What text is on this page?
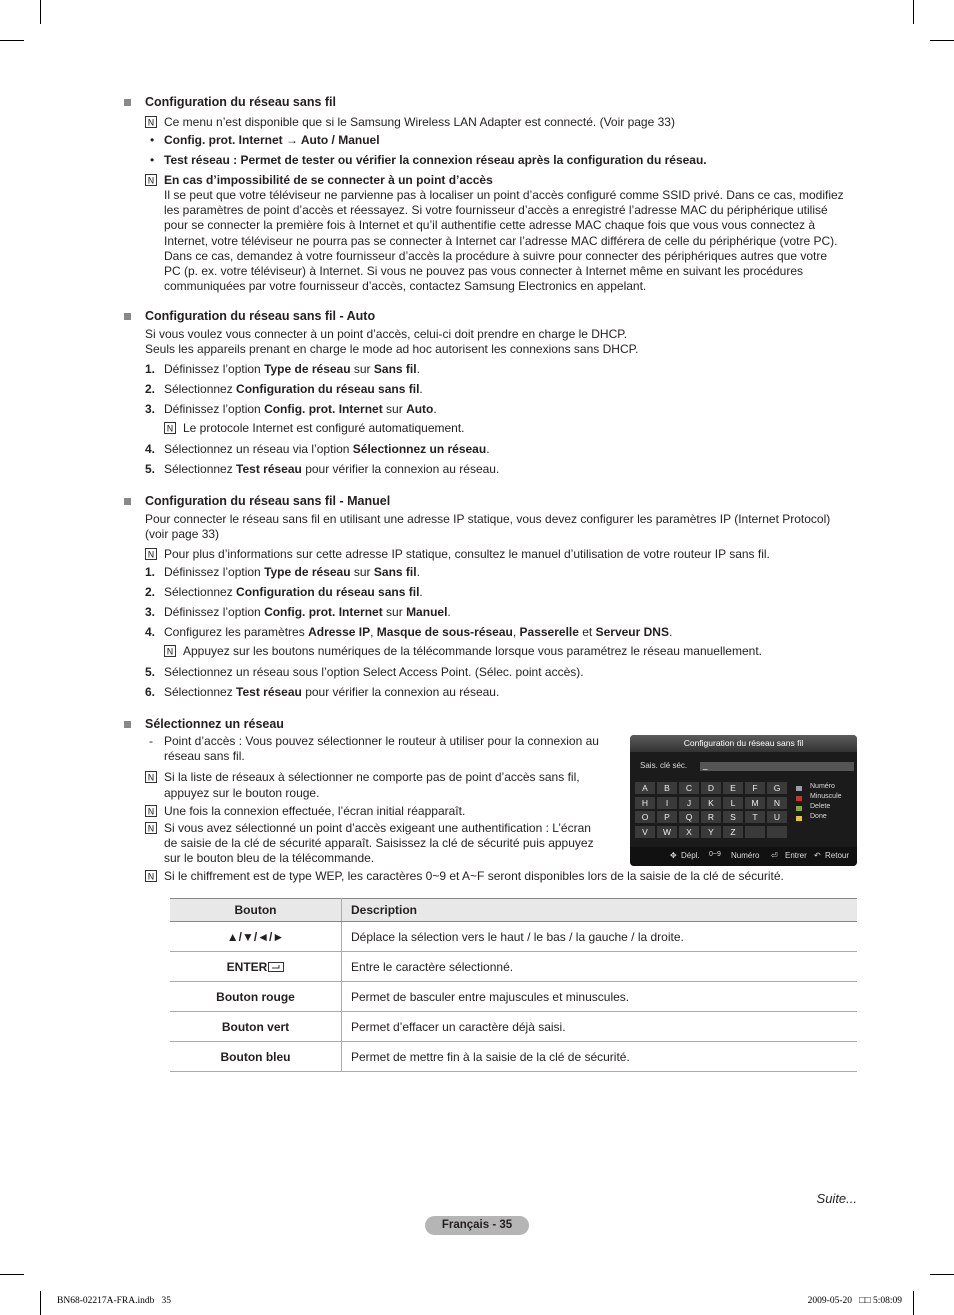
Configuration du réseau sans fil
N Ce menu n’est disponible que si le Samsung Wireless LAN Adapter est connecté. (Voir page 33)
• Config. prot. Internet → Auto / Manuel
• Test réseau : Permet de tester ou vérifier la connexion réseau après la configuration du réseau.
N En cas d’impossibilité de se connecter à un point d’accès
Il se peut que votre téléviseur ne parvienne pas à localiser un point d’accès configuré comme SSID privé. Dans ce cas, modifiez
les paramètres de point d’accès et réessayez. Si votre fournisseur d’accès a enregistré l’adresse MAC du périphérique utilisé
pour se connecter la première fois à Internet et qu’il authentifie cette adresse MAC chaque fois que vous vous connectez à
Internet, votre téléviseur ne pourra pas se connecter à Internet car l’adresse MAC différera de celle du périphérique (votre PC).
Dans ce cas, demandez à votre fournisseur d’accès la procédure à suivre pour connecter des périphériques autres que votre
PC (p. ex. votre téléviseur) à Internet. Si vous ne pouvez pas vous connecter à Internet même en suivant les procédures
communiquées par votre fournisseur d’accès, contactez Samsung Electronics en appelant.
Configuration du réseau sans fil - Auto
Si vous voulez vous connecter à un point d’accès, celui-ci doit prendre en charge le DHCP.
Seuls les appareils prenant en charge le mode ad hoc autorisent les connexions sans DHCP.
1. Définissez l’option Type de réseau sur Sans fil.
2. Sélectionnez Configuration du réseau sans fil.
3. Définissez l’option Config. prot. Internet sur Auto.
N Le protocole Internet est configuré automatiquement.
4. Sélectionnez un réseau via l’option Sélectionnez un réseau.
5. Sélectionnez Test réseau pour vérifier la connexion au réseau.
Configuration du réseau sans fil - Manuel
Pour connecter le réseau sans fil en utilisant une adresse IP statique, vous devez configurer les paramètres IP (Internet Protocol)
(voir page 33)
N Pour plus d’informations sur cette adresse IP statique, consultez le manuel d’utilisation de votre routeur IP sans fil.
1. Définissez l’option Type de réseau sur Sans fil.
2. Sélectionnez Configuration du réseau sans fil.
3. Définissez l’option Config. prot. Internet sur Manuel.
4. Configurez les paramètres Adresse IP, Masque de sous-réseau, Passerelle et Serveur DNS.
N Appuyez sur les boutons numériques de la télécommande lorsque vous paramétrez le réseau manuellement.
5. Sélectionnez un réseau sous l’option Select Access Point. (Sélec. point accès).
6. Sélectionnez Test réseau pour vérifier la connexion au réseau.
Sélectionnez un réseau
- Point d’accès : Vous pouvez sélectionner le routeur à utiliser pour la connexion au
réseau sans fil.
N Si la liste de réseaux à sélectionner ne comporte pas de point d’accès sans fil,
appuyez sur le bouton rouge.
N Une fois la connexion effectuée, l’écran initial réapparaît.
N Si vous avez sélectionné un point d’accès exigeant une authentification : L’écran
de saisie de la clé de sécurité apparaît. Saisissez la clé de sécurité puis appuyez
sur le bouton bleu de la télécommande.
N Si le chiffrement est de type WEP, les caractères 0~9 et A~F seront disponibles lors de la saisie de la clé de sécurité.
Configuration du réseau sans fil
Sais. clé séc.	_
A	B	C	D	E	F	G
H	I	J	K	L	M	N
O	P	Q	R	S	T	U
V	W	X	Y	Z
Numéro
Minuscule
Delete
Done
✥ Dépl. 0~9 Numéro ⏎ Entrer ↶ Retour
Bouton	Description
▲/▼/◄/►	Déplace la sélection vers le haut / le bas / la gauche / la droite.
ENTER	Entre le caractère sélectionné.
Bouton rouge	Permet de basculer entre majuscules et minuscules.
Bouton vert	Permet d’effacer un caractère déjà saisi.
Bouton bleu	Permet de mettre fin à la saisie de la clé de sécurité.
Suite...
Français - 35
BN68-02217A-FRA.indb   35	2009-05-20   □□ 5:08:09
